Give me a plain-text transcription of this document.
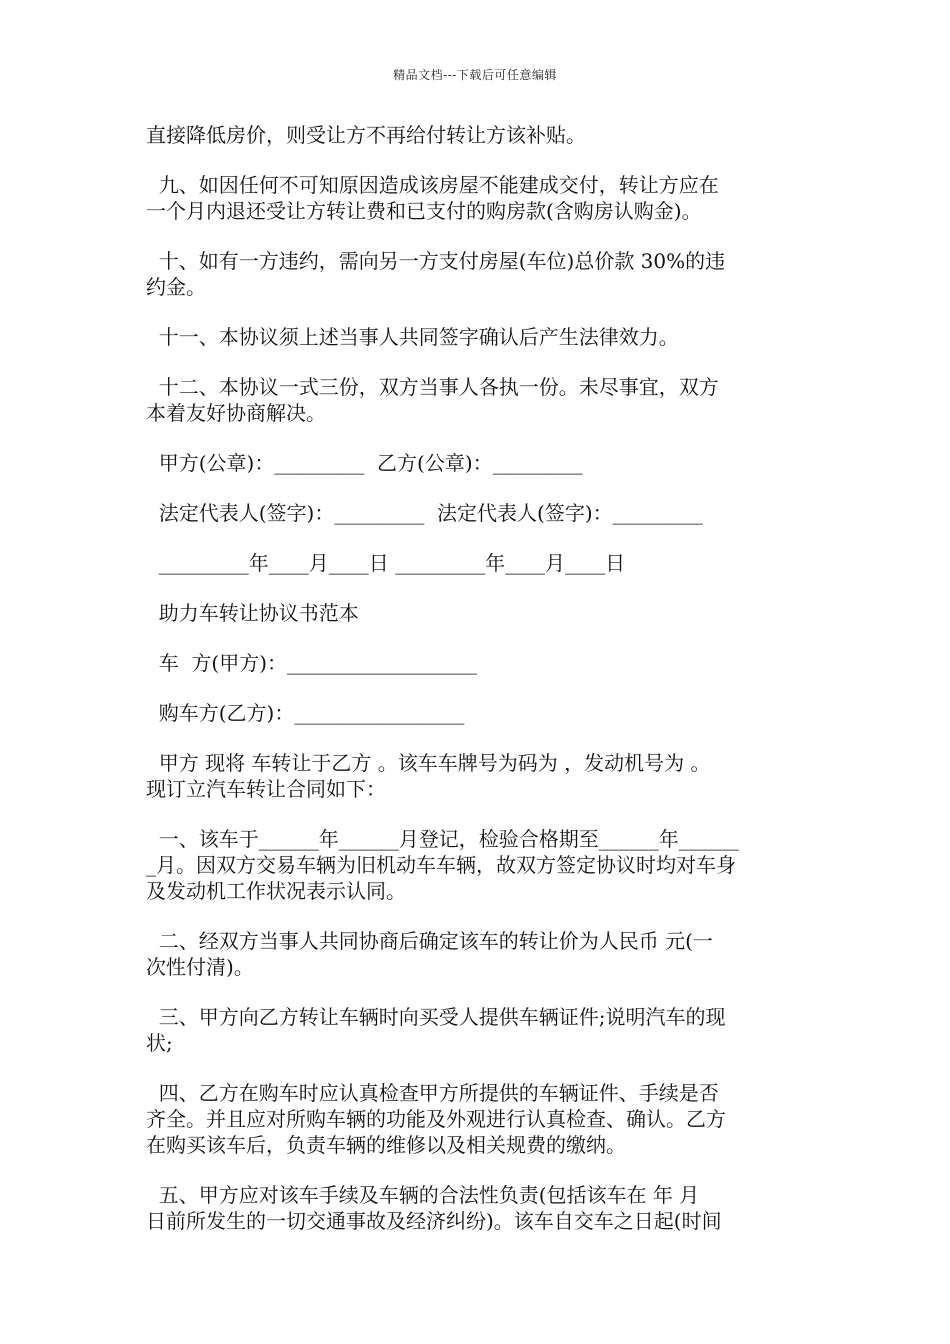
精品文档---下载后可任意编辑
直接降低房价，则受让方不再给付转让方该补贴。
九、如因任何不可知原因造成该房屋不能建成交付，转让方应在
一个月内退还受让方转让费和已支付的购房款(含购房认购金)。
十、如有一方违约，需向另一方支付房屋(车位)总价款 30%的违
约金。
十一、本协议须上述当事人共同签字确认后产生法律效力。
十二、本协议一式三份，双方当事人各执一份。未尽事宜，双方
本着友好协商解决。
甲方(公章)：_________  乙方(公章)：_________
法定代表人(签字)：_________  法定代表人(签字)：_________
_________年____月____日 _________年____月____日
助力车转让协议书范本
车  方(甲方)：___________________
购车方(乙方)：_________________
甲方 现将 车转让于乙方 。该车车牌号为码为 ，发动机号为 。
现订立汽车转让合同如下：
一、该车于______年______月登记，检验合格期至______年______
_月。因双方交易车辆为旧机动车车辆，故双方签定协议时均对车身
及发动机工作状况表示认同。
二、经双方当事人共同协商后确定该车的转让价为人民币 元(一
次性付清)。
三、甲方向乙方转让车辆时向买受人提供车辆证件;说明汽车的现
状;
四、乙方在购车时应认真检查甲方所提供的车辆证件、手续是否
齐全。并且应对所购车辆的功能及外观进行认真检查、确认。乙方
在购买该车后，负责车辆的维修以及相关规费的缴纳。
五、甲方应对该车手续及车辆的合法性负责(包括该车在 年 月
日前所发生的一切交通事故及经济纠纷)。该车自交车之日起(时间
